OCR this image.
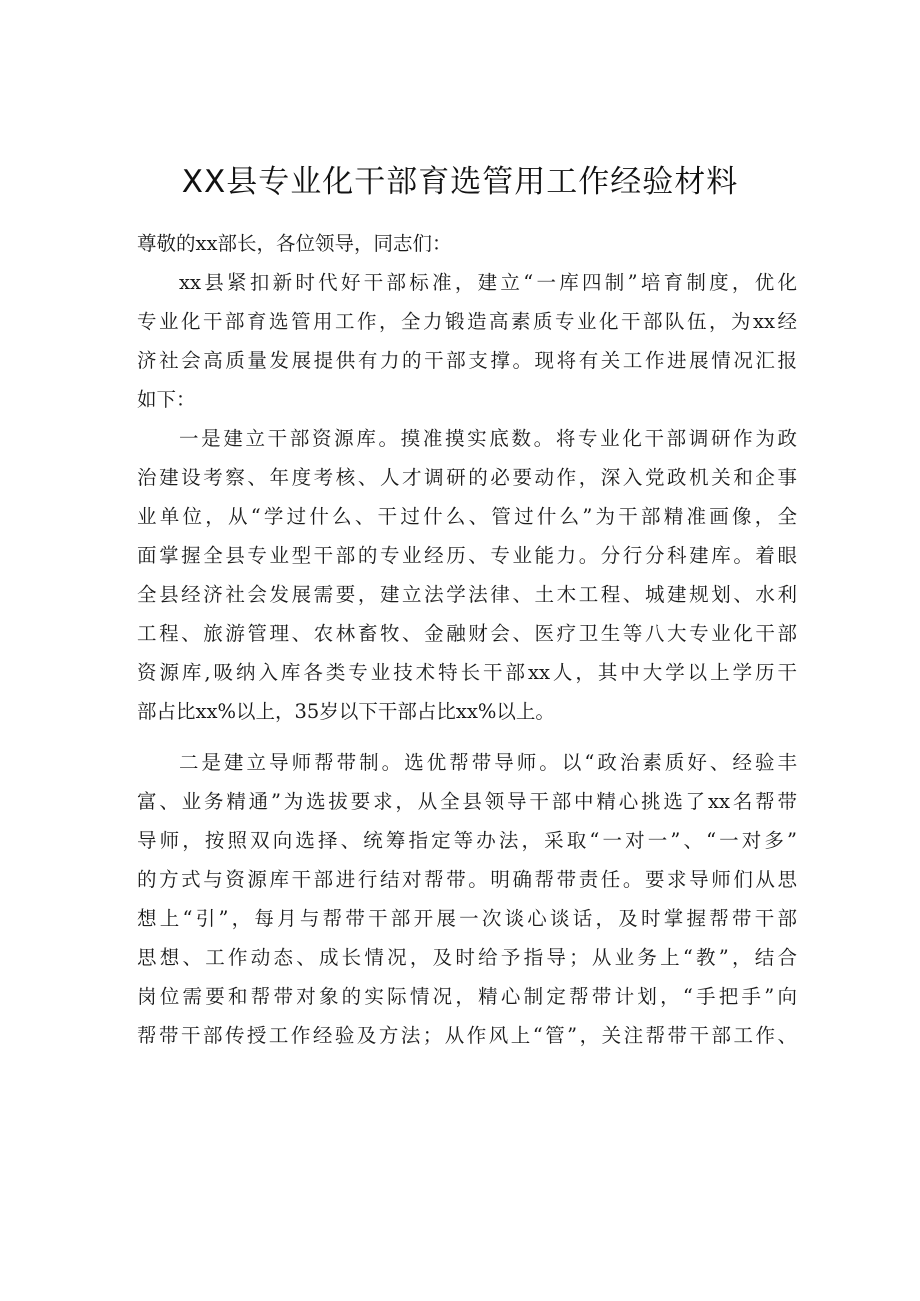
XX县专业化干部育选管用工作经验材料
尊敬的xx部长，各位领导，同志们：
xx县紧扣新时代好干部标准，建立“一库四制”培育制度，优化
专业化干部育选管用工作，全力锻造高素质专业化干部队伍，为xx经
济社会高质量发展提供有力的干部支撑。现将有关工作进展情况汇报
如下：
一是建立干部资源库。摸准摸实底数。将专业化干部调研作为政
治建设考察、年度考核、人才调研的必要动作，深入党政机关和企事
业单位，从“学过什么、干过什么、管过什么”为干部精准画像，全
面掌握全县专业型干部的专业经历、专业能力。分行分科建库。着眼
全县经济社会发展需要，建立法学法律、土木工程、城建规划、水利
工程、旅游管理、农林畜牧、金融财会、医疗卫生等八大专业化干部
资源库,吸纳入库各类专业技术特长干部xx人，其中大学以上学历干
部占比xx%以上，35岁以下干部占比xx%以上。
二是建立导师帮带制。选优帮带导师。以“政治素质好、经验丰
富、业务精通”为选拔要求，从全县领导干部中精心挑选了xx名帮带
导师，按照双向选择、统筹指定等办法，采取“一对一”、“一对多”
的方式与资源库干部进行结对帮带。明确帮带责任。要求导师们从思
想上“引”，每月与帮带干部开展一次谈心谈话，及时掌握帮带干部
思想、工作动态、成长情况，及时给予指导；从业务上“教”，结合
岗位需要和帮带对象的实际情况，精心制定帮带计划，“手把手”向
帮带干部传授工作经验及方法；从作风上“管”，关注帮带干部工作、
